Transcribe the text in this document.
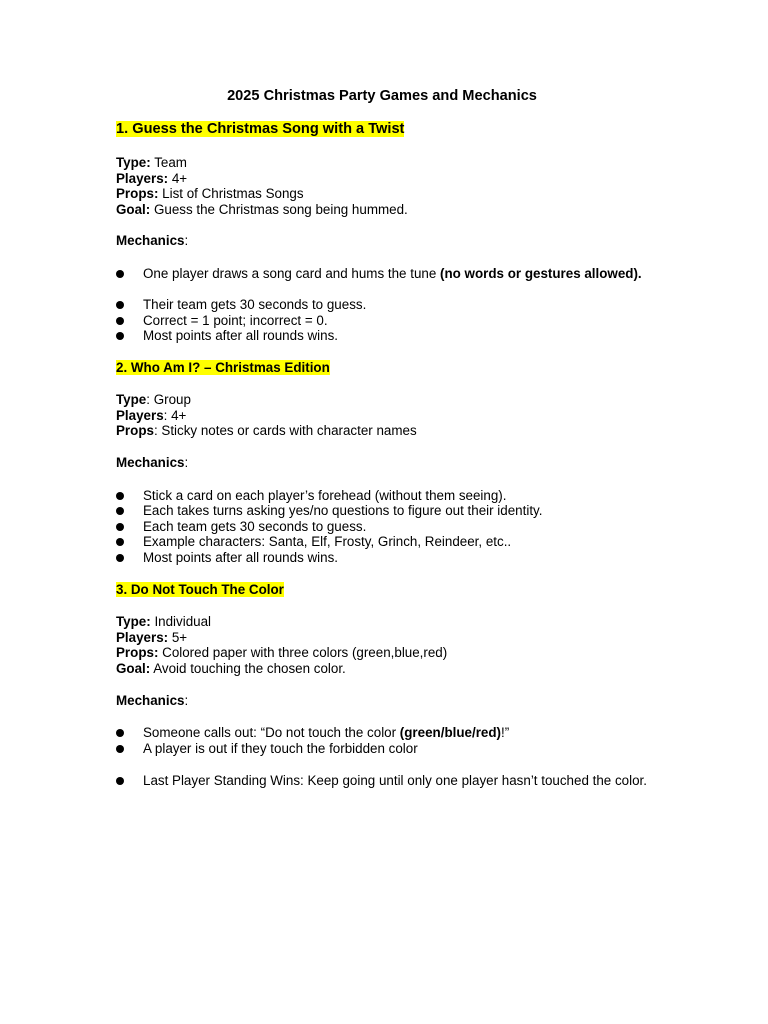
2025 Christmas Party Games and Mechanics
1. Guess the Christmas Song with a Twist
Type: Team
Players: 4+
Props: List of Christmas Songs
Goal: Guess the Christmas song being hummed.
Mechanics:
One player draws a song card and hums the tune (no words or gestures allowed).
Their team gets 30 seconds to guess.
Correct = 1 point; incorrect = 0.
Most points after all rounds wins.
2. Who Am I? – Christmas Edition
Type: Group
Players: 4+
Props: Sticky notes or cards with character names
Mechanics:
Stick a card on each player’s forehead (without them seeing).
Each takes turns asking yes/no questions to figure out their identity.
Each team gets 30 seconds to guess.
Example characters: Santa, Elf, Frosty, Grinch, Reindeer, etc..
Most points after all rounds wins.
3. Do Not Touch The Color
Type: Individual
Players: 5+
Props: Colored paper with three colors (green,blue,red)
Goal: Avoid touching the chosen color.
Mechanics:
Someone calls out: “Do not touch the color (green/blue/red)!”
A player is out if they touch the forbidden color
Last Player Standing Wins: Keep going until only one player hasn’t touched the color.
